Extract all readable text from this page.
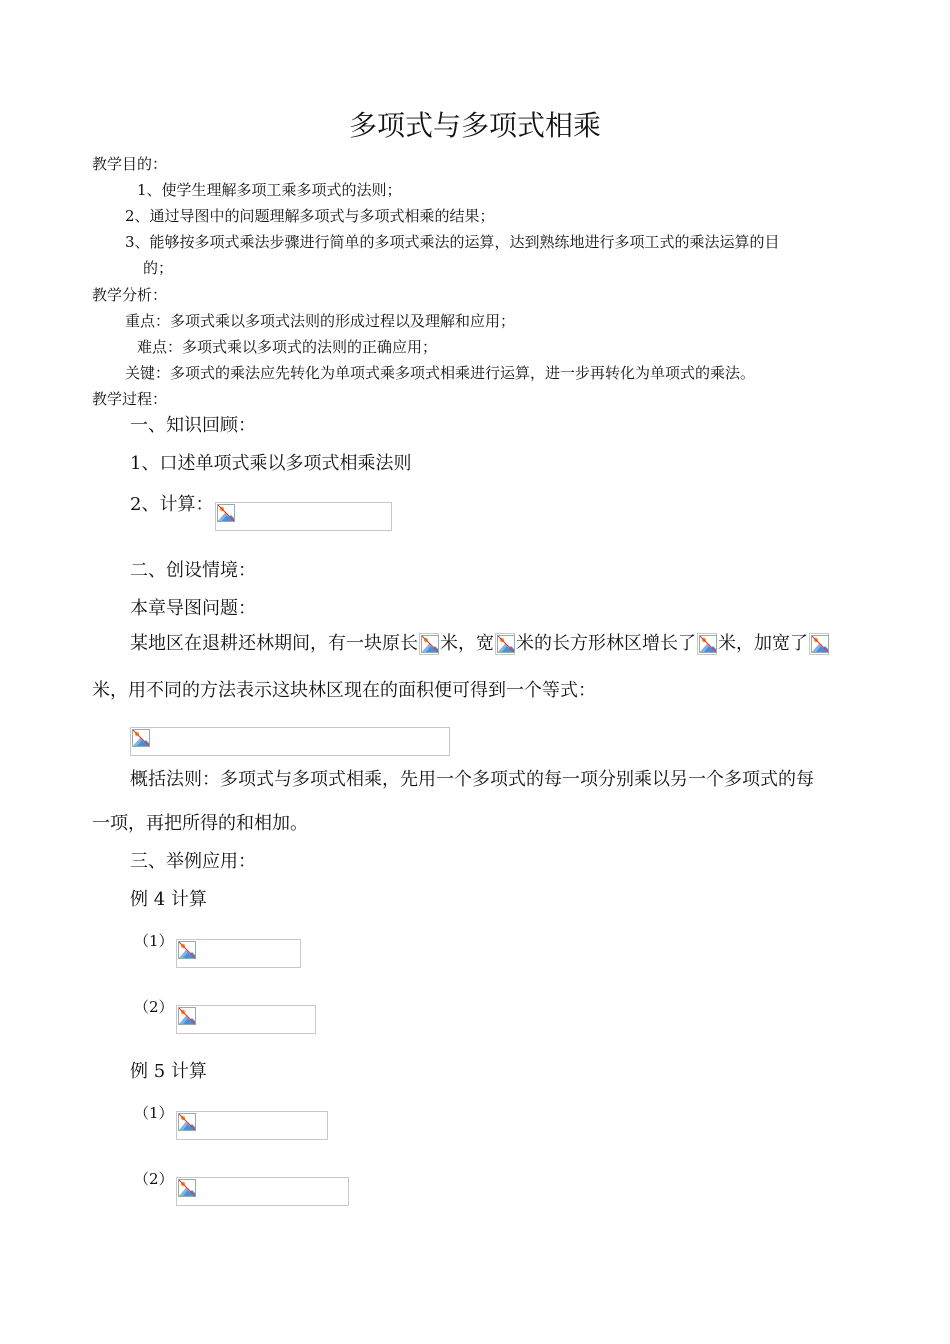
多项式与多项式相乘
教学目的：
1、使学生理解多项工乘多项式的法则；
2、通过导图中的问题理解多项式与多项式相乘的结果；
3、能够按多项式乘法步骤进行简单的多项式乘法的运算，达到熟练地进行多项工式的乘法运算的目
的；
教学分析：
重点：多项式乘以多项式法则的形成过程以及理解和应用；
难点：多项式乘以多项式的法则的正确应用；
关键：多项式的乘法应先转化为单项式乘多项式相乘进行运算，进一步再转化为单项式的乘法。
教学过程：
一、知识回顾：
1、口述单项式乘以多项式相乘法则
2、计算：
二、创设情境：
本章导图问题：
某地区在退耕还林期间，有一块原长 米，宽 米的长方形林区增长了 米，加宽了
米，用不同的方法表示这块林区现在的面积便可得到一个等式：
概括法则：多项式与多项式相乘，先用一个多项式的每一项分别乘以另一个多项式的每
一项，再把所得的和相加。
三、举例应用：
例 4 计算
（1）
（2）
例 5 计算
（1）
（2）
